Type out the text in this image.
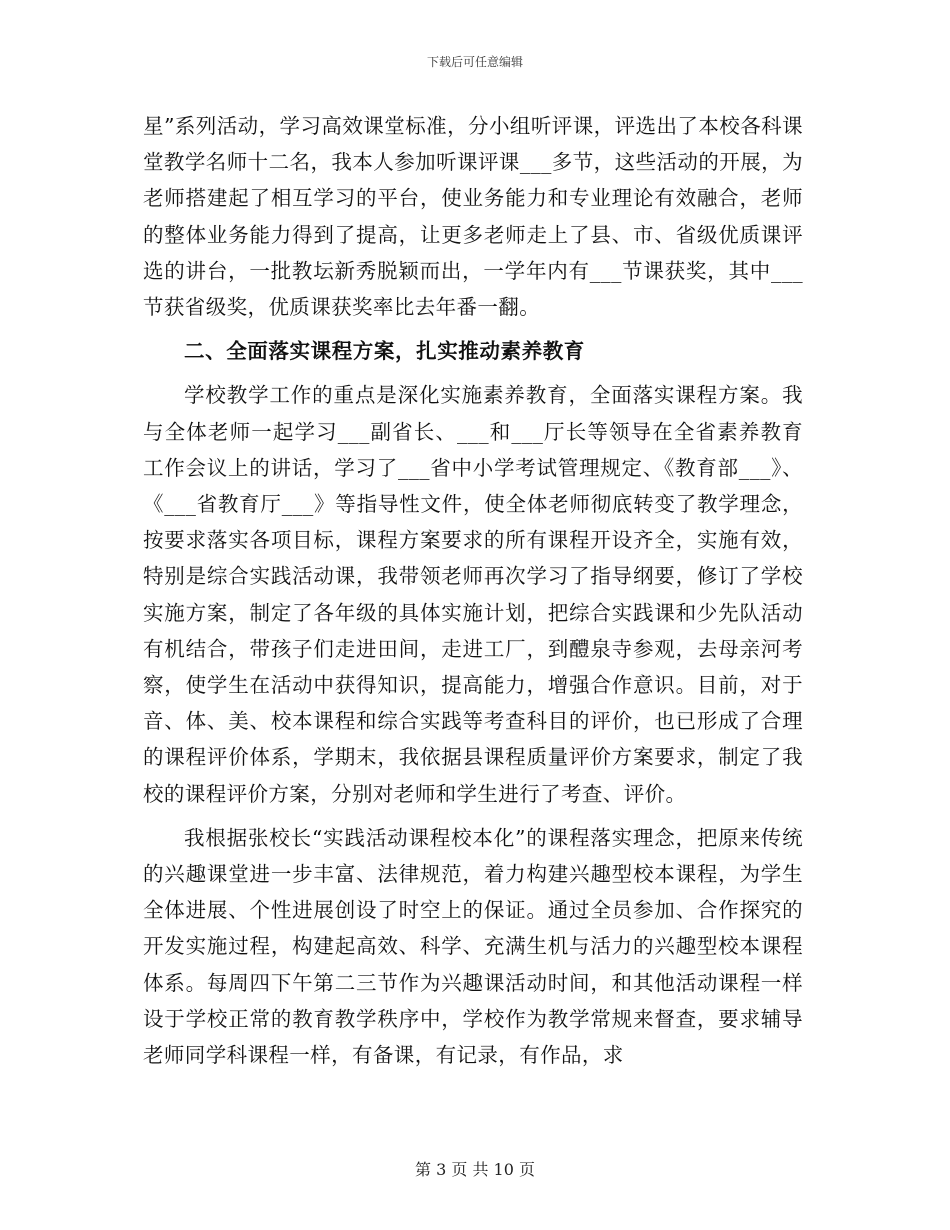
下载后可任意编辑

星”系列活动，学习高效课堂标准，分小组听评课，评选出了本校各科课堂教学名师十二名，我本人参加听课评课___多节，这些活动的开展，为老师搭建起了相互学习的平台，使业务能力和专业理论有效融合，老师的整体业务能力得到了提高，让更多老师走上了县、市、省级优质课评选的讲台，一批教坛新秀脱颖而出，一学年内有___节课获奖，其中___节获省级奖，优质课获奖率比去年番一翻。

二、全面落实课程方案，扎实推动素养教育

学校教学工作的重点是深化实施素养教育，全面落实课程方案。我与全体老师一起学习___副省长、___和___厅长等领导在全省素养教育工作会议上的讲话，学习了___省中小学考试管理规定、《教育部___》、《___省教育厅___》等指导性文件，使全体老师彻底转变了教学理念，按要求落实各项目标，课程方案要求的所有课程开设齐全，实施有效，特别是综合实践活动课，我带领老师再次学习了指导纲要，修订了学校实施方案，制定了各年级的具体实施计划，把综合实践课和少先队活动有机结合，带孩子们走进田间，走进工厂，到醴泉寺参观，去母亲河考察，使学生在活动中获得知识，提高能力，增强合作意识。目前，对于音、体、美、校本课程和综合实践等考查科目的评价，也已形成了合理的课程评价体系，学期末，我依据县课程质量评价方案要求，制定了我校的课程评价方案，分别对老师和学生进行了考查、评价。

我根据张校长“实践活动课程校本化”的课程落实理念，把原来传统的兴趣课堂进一步丰富、法律规范，着力构建兴趣型校本课程，为学生全体进展、个性进展创设了时空上的保证。通过全员参加、合作探究的开发实施过程，构建起高效、科学、充满生机与活力的兴趣型校本课程体系。每周四下午第二三节作为兴趣课活动时间，和其他活动课程一样设于学校正常的教育教学秩序中，学校作为教学常规来督查，要求辅导老师同学科课程一样，有备课，有记录，有作品，求

第 3 页 共 10 页
